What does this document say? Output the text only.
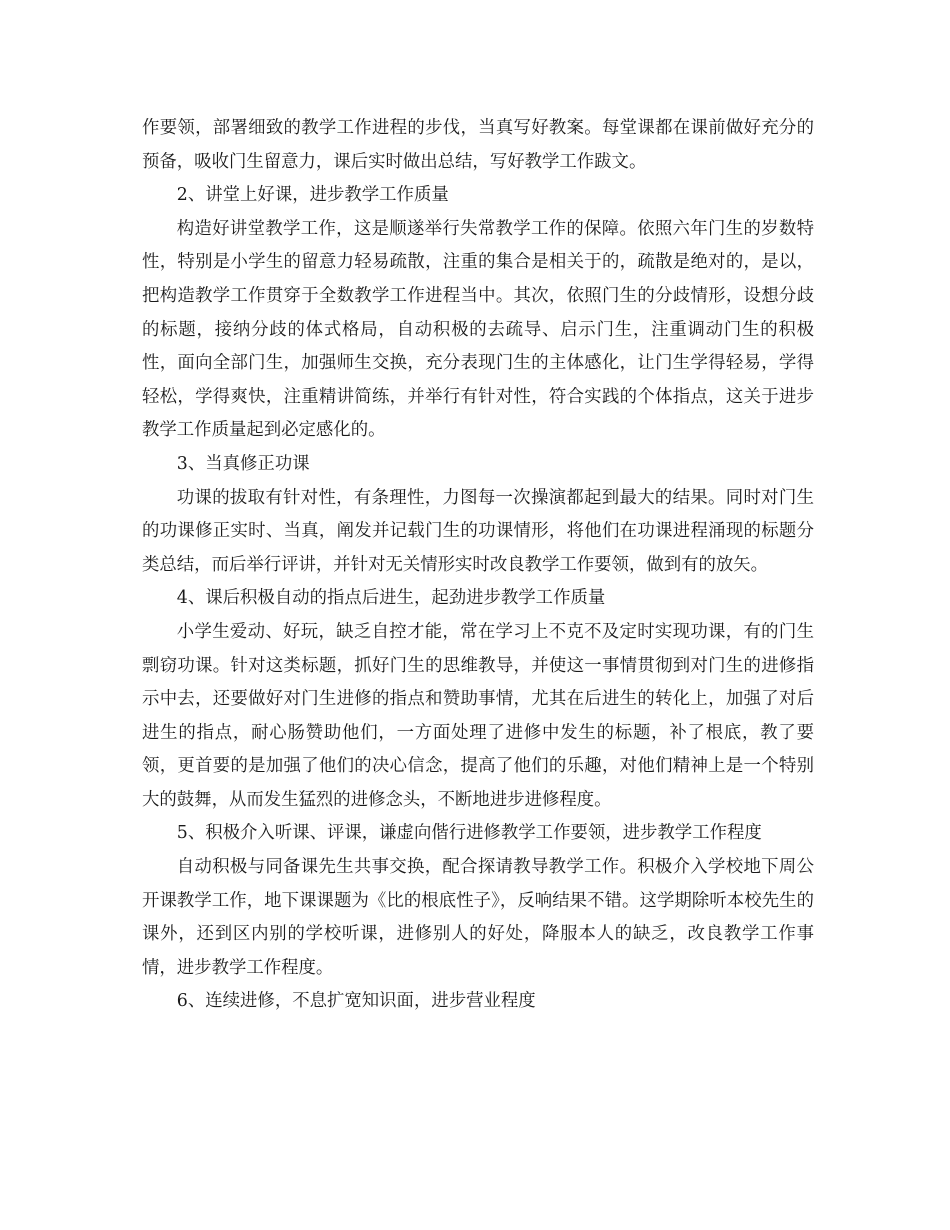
作要领，部署细致的教学工作进程的步伐，当真写好教案。每堂课都在课前做好充分的预备，吸收门生留意力，课后实时做出总结，写好教学工作跋文。

2、讲堂上好课，进步教学工作质量

构造好讲堂教学工作，这是顺遂举行失常教学工作的保障。依照六年门生的岁数特性，特别是小学生的留意力轻易疏散，注重的集合是相关于的，疏散是绝对的，是以，把构造教学工作贯穿于全数教学工作进程当中。其次，依照门生的分歧情形，设想分歧的标题，接纳分歧的体式格局，自动积极的去疏导、启示门生，注重调动门生的积极性，面向全部门生，加强师生交换，充分表现门生的主体感化，让门生学得轻易，学得轻松，学得爽快，注重精讲简练，并举行有针对性，符合实践的个体指点，这关于进步教学工作质量起到必定感化的。

3、当真修正功课

功课的拔取有针对性，有条理性，力图每一次操演都起到最大的结果。同时对门生的功课修正实时、当真，阐发并记载门生的功课情形，将他们在功课进程涌现的标题分类总结，而后举行评讲，并针对无关情形实时改良教学工作要领，做到有的放矢。

4、课后积极自动的指点后进生，起劲进步教学工作质量

小学生爱动、好玩，缺乏自控才能，常在学习上不克不及定时实现功课，有的门生剽窃功课。针对这类标题，抓好门生的思维教导，并使这一事情贯彻到对门生的进修指示中去，还要做好对门生进修的指点和赞助事情，尤其在后进生的转化上，加强了对后进生的指点，耐心肠赞助他们，一方面处理了进修中发生的标题，补了根底，教了要领，更首要的是加强了他们的决心信念，提高了他们的乐趣，对他们精神上是一个特别大的鼓舞，从而发生猛烈的进修念头，不断地进步进修程度。

5、积极介入听课、评课，谦虚向偕行进修教学工作要领，进步教学工作程度

自动积极与同备课先生共事交换，配合探请教导教学工作。积极介入学校地下周公开课教学工作，地下课课题为《比的根底性子》，反响结果不错。这学期除听本校先生的课外，还到区内别的学校听课，进修别人的好处，降服本人的缺乏，改良教学工作事情，进步教学工作程度。

6、连续进修，不息扩宽知识面，进步营业程度
